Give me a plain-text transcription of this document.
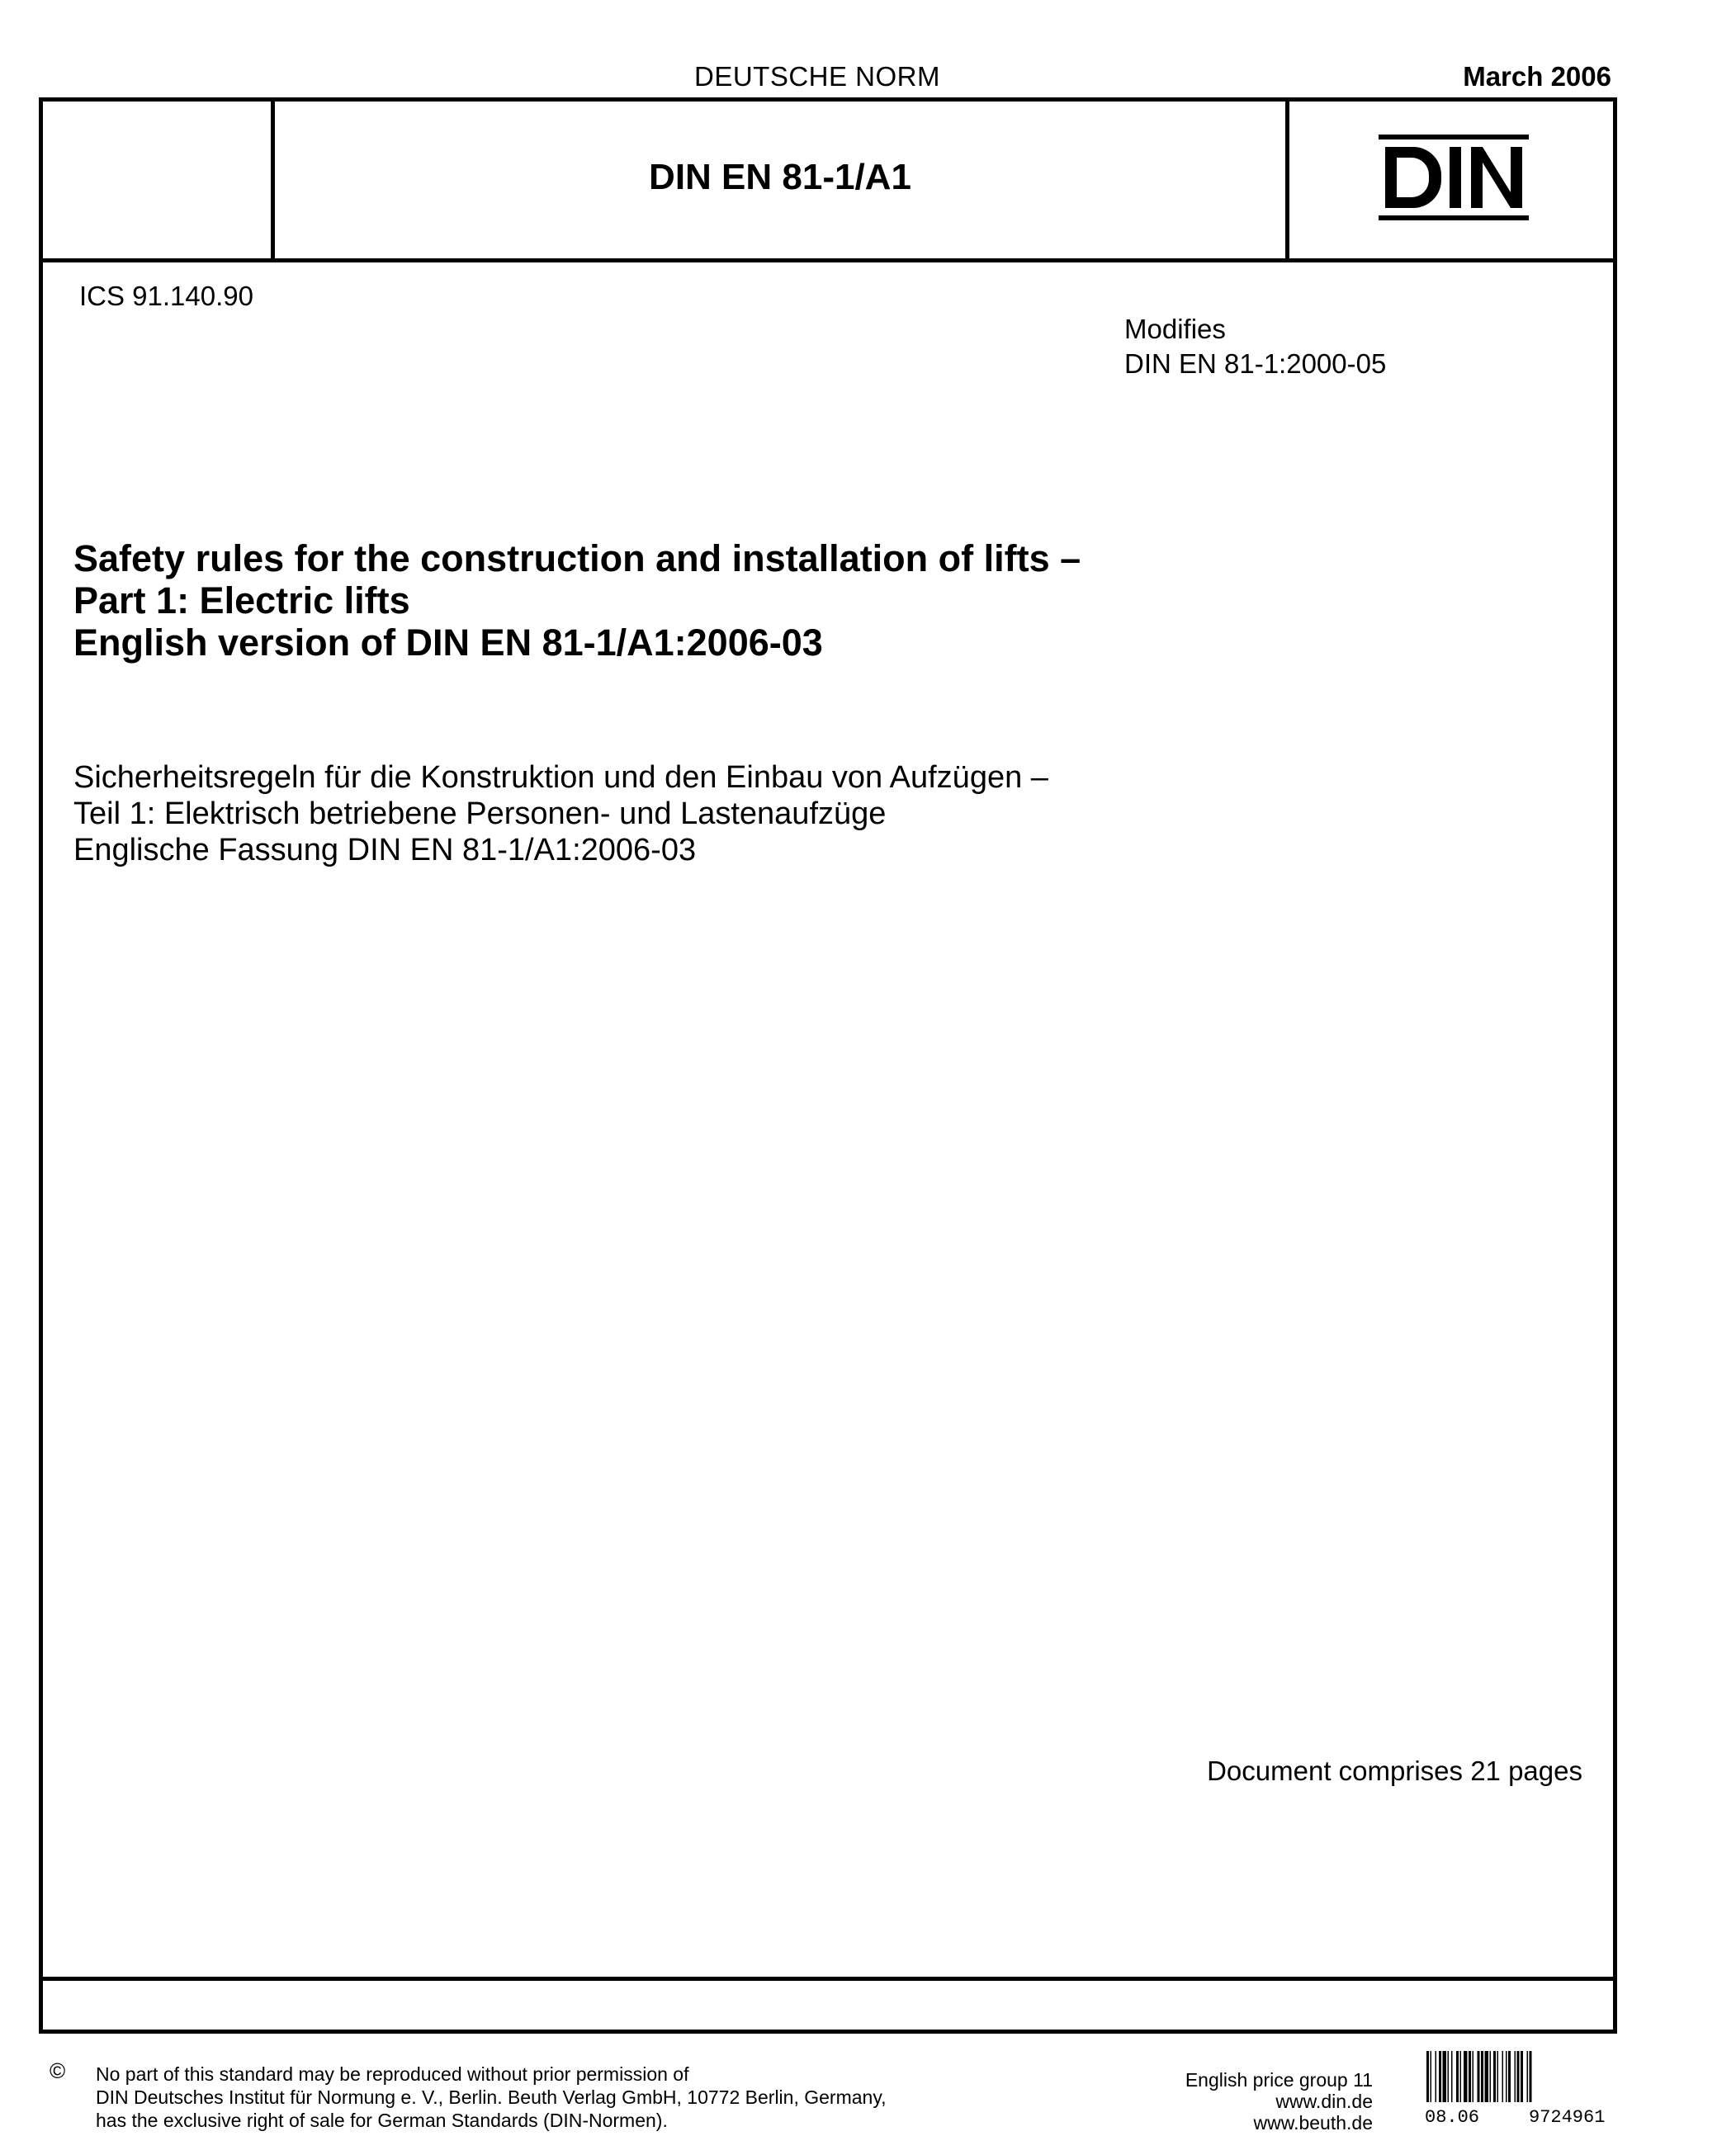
DEUTSCHE NORM	March 2006
DIN EN 81-1/A1
ICS 91.140.90
Modifies
DIN EN 81-1:2000-05
Safety rules for the construction and installation of lifts –
Part 1: Electric lifts
English version of DIN EN 81-1/A1:2006-03
Sicherheitsregeln für die Konstruktion und den Einbau von Aufzügen –
Teil 1: Elektrisch betriebene Personen- und Lastenaufzüge
Englische Fassung DIN EN 81-1/A1:2006-03
Document comprises 21 pages
© No part of this standard may be reproduced without prior permission of
DIN Deutsches Institut für Normung e. V., Berlin. Beuth Verlag GmbH, 10772 Berlin, Germany,
has the exclusive right of sale for German Standards (DIN-Normen).
English price group 11
www.din.de
www.beuth.de	08.06	9724961
